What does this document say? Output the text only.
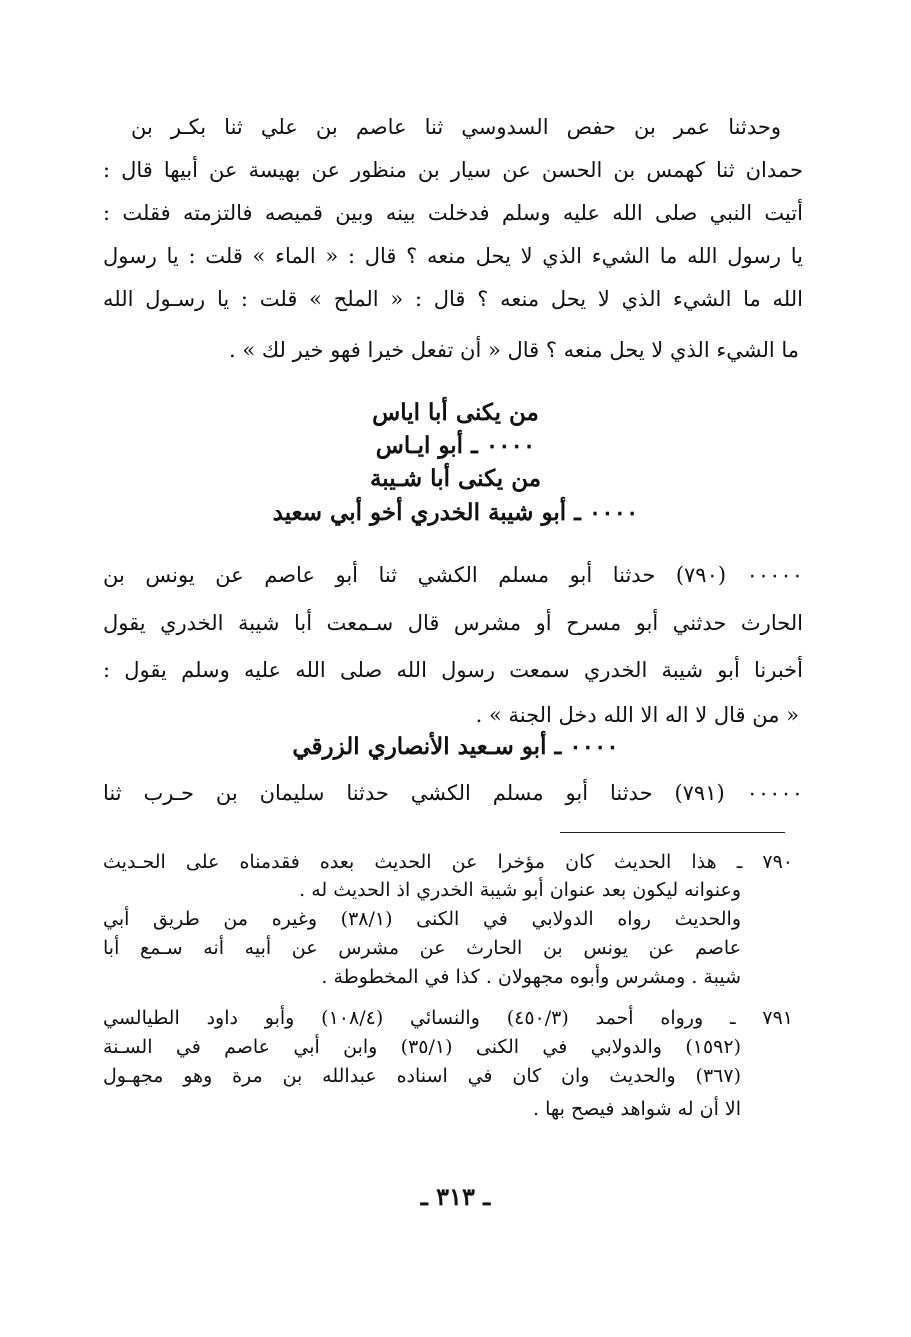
وحدثنا عمر بن حفص السدوسي ثنا عاصم بن علي ثنا بكـر بن
حمدان ثنا كهمس بن الحسن عن سيار بن منظور عن بهيسة عن أبيها قال :
أتيت النبي صلى الله عليه وسلم فدخلت بينه وبين قميصه فالتزمته فقلت :
يا رسول الله ما الشيء الذي لا يحل منعه ؟ قال : « الماء » قلت : يا رسول
الله ما الشيء الذي لا يحل منعه ؟ قال : « الملح » قلت : يا رسـول الله
ما الشيء الذي لا يحل منعه ؟ قال « أن تفعل خيرا فهو خير لك » .
من يكنى أبا اياس
٠٠٠٠ ـ أبو ايـاس
من يكنى أبا شـيبة
٠٠٠٠ ـ أبو شيبة الخدري أخو أبي سعيد
٠٠٠٠٠ (٧٩٠) حدثنا أبو مسلم الكشي ثنا أبو عاصم عن يونس بن
الحارث حدثني أبو مسرح أو مشرس قال سـمعت أبا شيبة الخدري يقول
أخبرنا أبو شيبة الخدري سمعت رسول الله صلى الله عليه وسلم يقول :
« من قال لا اله الا الله دخل الجنة » .
٠٠٠٠ ـ أبو سـعيد الأنصاري الزرقي
٠٠٠٠٠ (٧٩١) حدثنا أبو مسلم الكشي حدثنا سليمان بن حـرب ثنا
٧٩٠ ـ هذا الحديث كان مؤخرا عن الحديث بعده فقدمناه على الحـديث
وعنوانه ليكون بعد عنوان أبو شيبة الخدري اذ الحديث له .
والحديث رواه الدولابي في الكنى (٣٨/١) وغيره من طريق أبي
عاصم عن يونس بن الحارث عن مشرس عن أبيه أنه سـمع أبا
شيبة . ومشرس وأبوه مجهولان . كذا في المخطوطة .
٧٩١ ـ ورواه أحمد (٤٥٠/٣) والنسائي (١٠٨/٤) وأبو داود الطيالسي
(١٥٩٢) والدولابي في الكنى (٣٥/١) وابن أبي عاصم في السـنة
(٣٦٧) والحديث وان كان في اسناده عبدالله بن مرة وهو مجهـول
الا أن له شواهد فيصح بها .
ـ ٣١٣ ـ
